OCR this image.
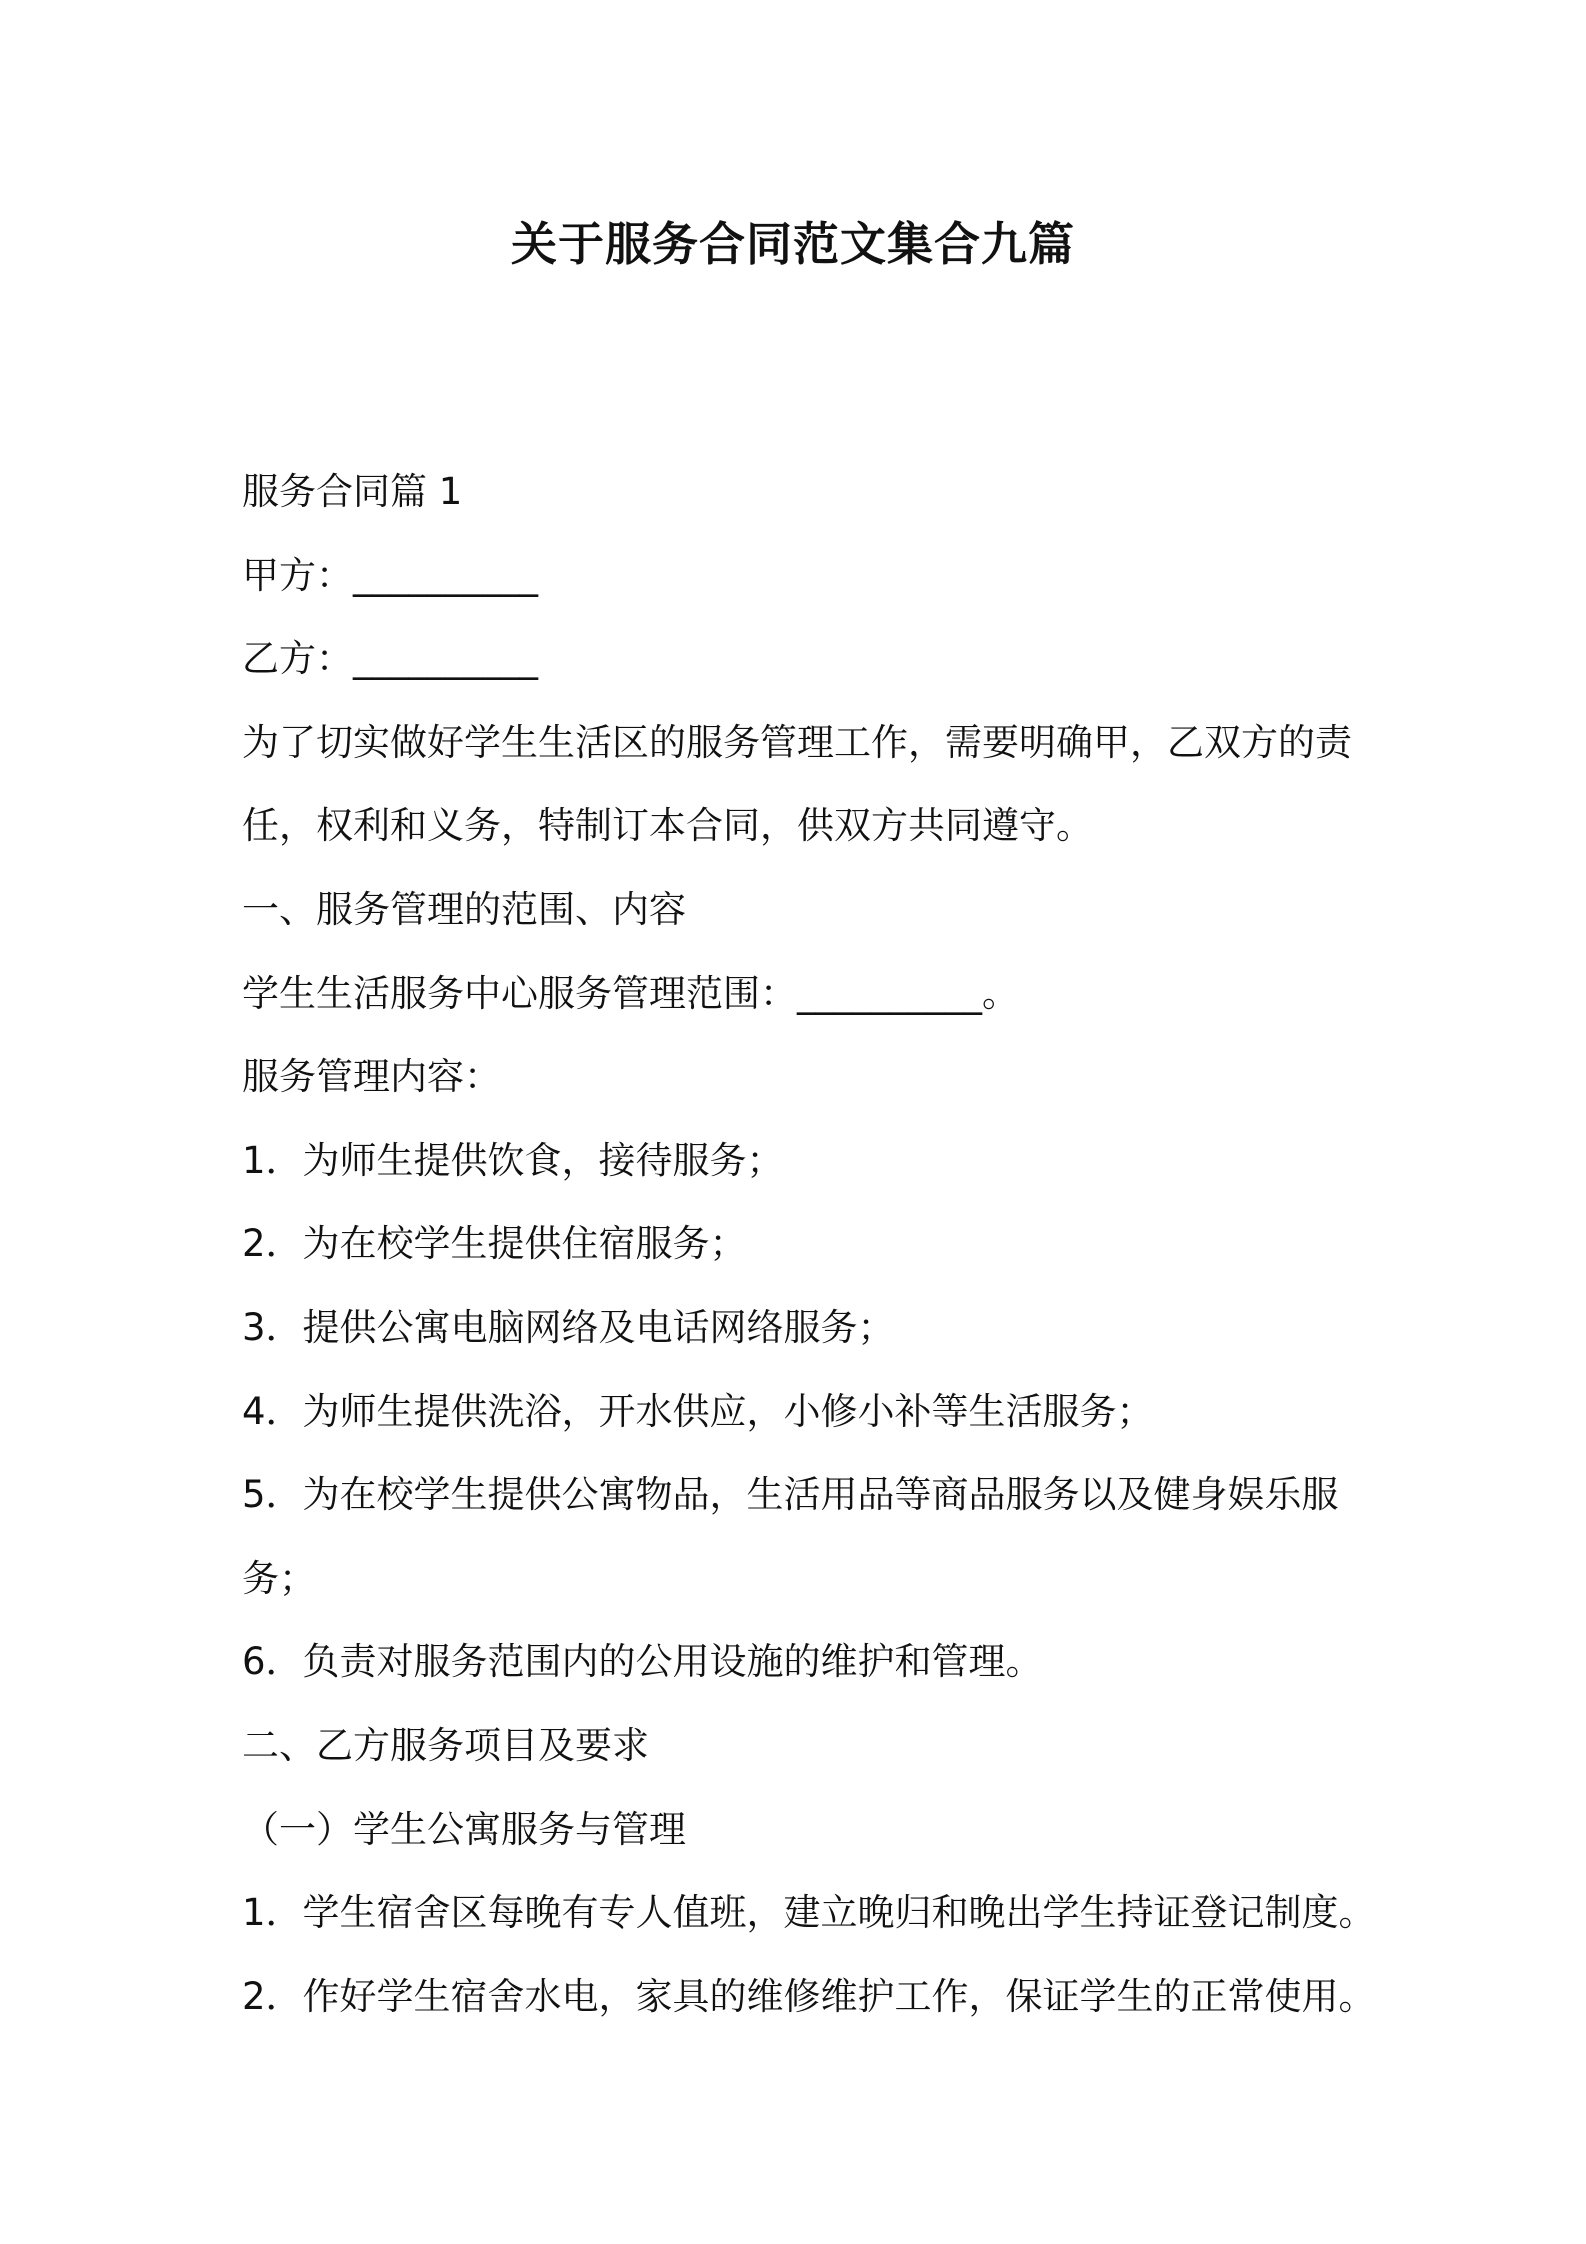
关于服务合同范文集合九篇
服务合同篇 1
甲方：__________
乙方：__________
为了切实做好学生生活区的服务管理工作，需要明确甲，乙双方的责任，权利和义务，特制订本合同，供双方共同遵守。
一、服务管理的范围、内容
学生生活服务中心服务管理范围：__________。
服务管理内容：
1．为师生提供饮食，接待服务；
2．为在校学生提供住宿服务；
3．提供公寓电脑网络及电话网络服务；
4．为师生提供洗浴，开水供应，小修小补等生活服务；
5．为在校学生提供公寓物品，生活用品等商品服务以及健身娱乐服务；
6．负责对服务范围内的公用设施的维护和管理。
二、乙方服务项目及要求
（一）学生公寓服务与管理
1．学生宿舍区每晚有专人值班，建立晚归和晚出学生持证登记制度。
2．作好学生宿舍水电，家具的维修维护工作，保证学生的正常使用。
